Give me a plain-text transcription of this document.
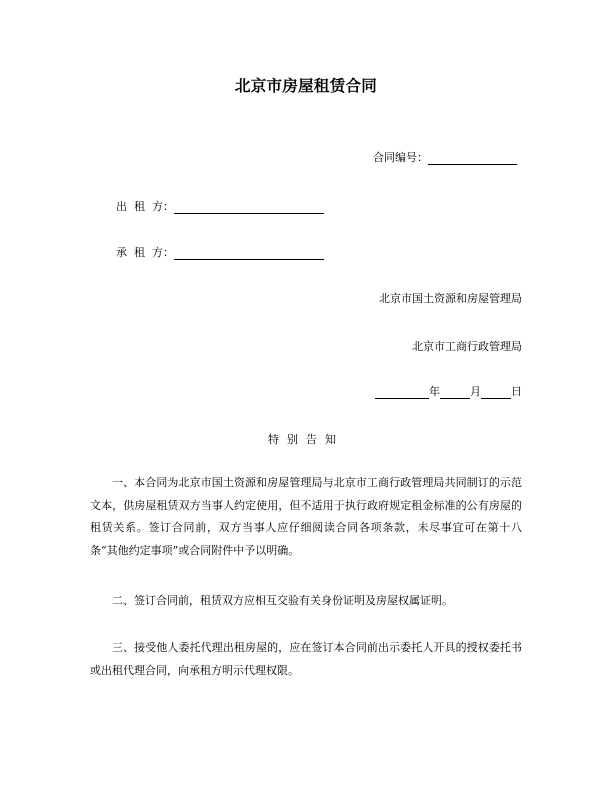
北京市房屋租赁合同
合同编号：
出  租  方：
承  租  方：
北京市国土资源和房屋管理局
北京市工商行政管理局
年	月	日
特别告知

一、本合同为北京市国土资源和房屋管理局与北京市工商行政管理局共同制订的示范文本，供房屋租赁双方当事人约定使用，但不适用于执行政府规定租金标准的公有房屋的租赁关系。签订合同前，双方当事人应仔细阅读合同各项条款，未尽事宜可在第十八条“其他约定事项”或合同附件中予以明确。

二、签订合同前，租赁双方应相互交验有关身份证明及房屋权属证明。

三、接受他人委托代理出租房屋的，应在签订本合同前出示委托人开具的授权委托书或出租代理合同，向承租方明示代理权限。
